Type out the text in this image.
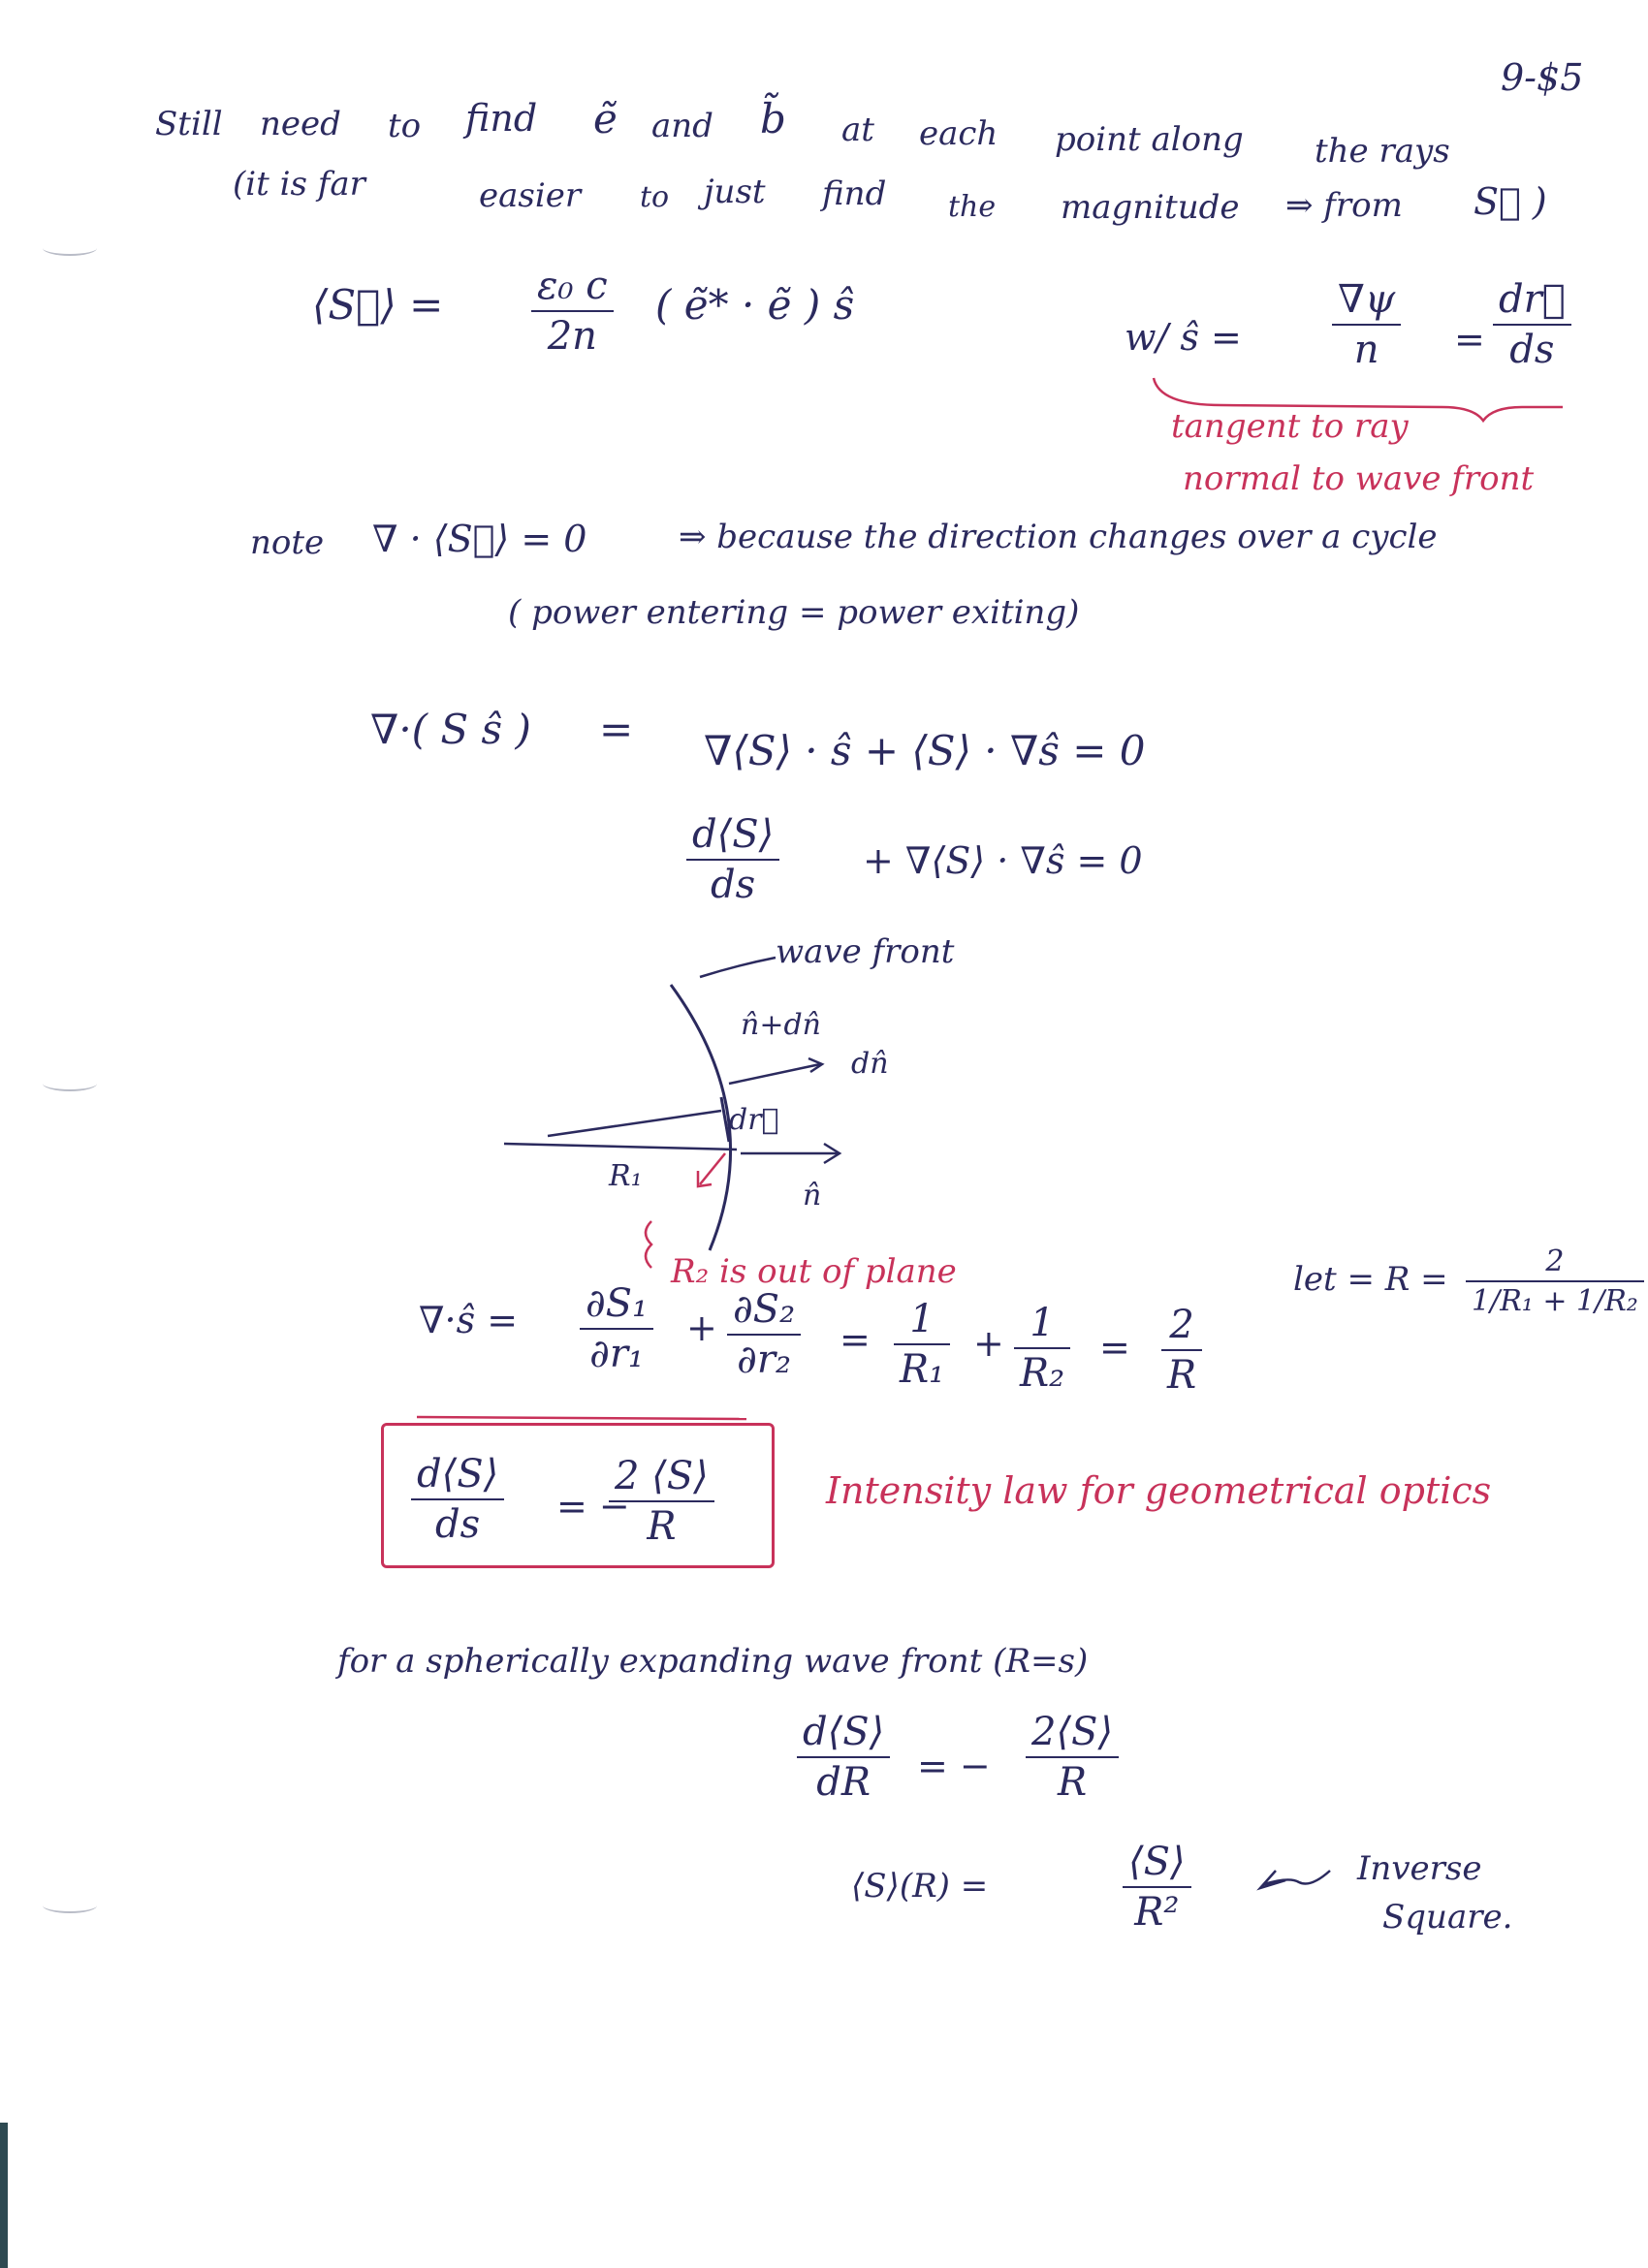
9-$5
Still need to find ẽ and b̃ at each point along the rays
(it is far	easier to just find the magnitude ⇒ from S⃗ )
⟨S⃗⟩ = ε₀ c
2n
( ẽ* · ẽ ) ŝ
w/ ŝ =
∇ψ
n =
dr⃗
ds
tangent to ray
normal to wave front
note ∇ · ⟨S⃗⟩ = 0	⇒ because the direction changes over a cycle
( power entering = power exiting)
∇·( S ŝ ) = ∇⟨S⟩ · ŝ + ⟨S⟩ · ∇ŝ = 0
d⟨S⟩
ds
+ ∇⟨S⟩ · ∇ŝ = 0
wave front
n̂+dn̂
dn̂
dr⃗
n̂
R₁
R₂ is out of plane
∇·ŝ = ∂S₁
∂r₁
+ ∂S₂
∂r₂ = 1
R₁
+ 1
R₂
= 2
R
let = R =	2
1/R₁ + 1/R₂
d⟨S⟩
ds = −
2 ⟨S⟩
R
Intensity law for geometrical optics
for a spherically expanding wave front (R=s)
d⟨S⟩
dR = −
2⟨S⟩
R
⟨S⟩(R) =
⟨S⟩
R²
Inverse
Square.
